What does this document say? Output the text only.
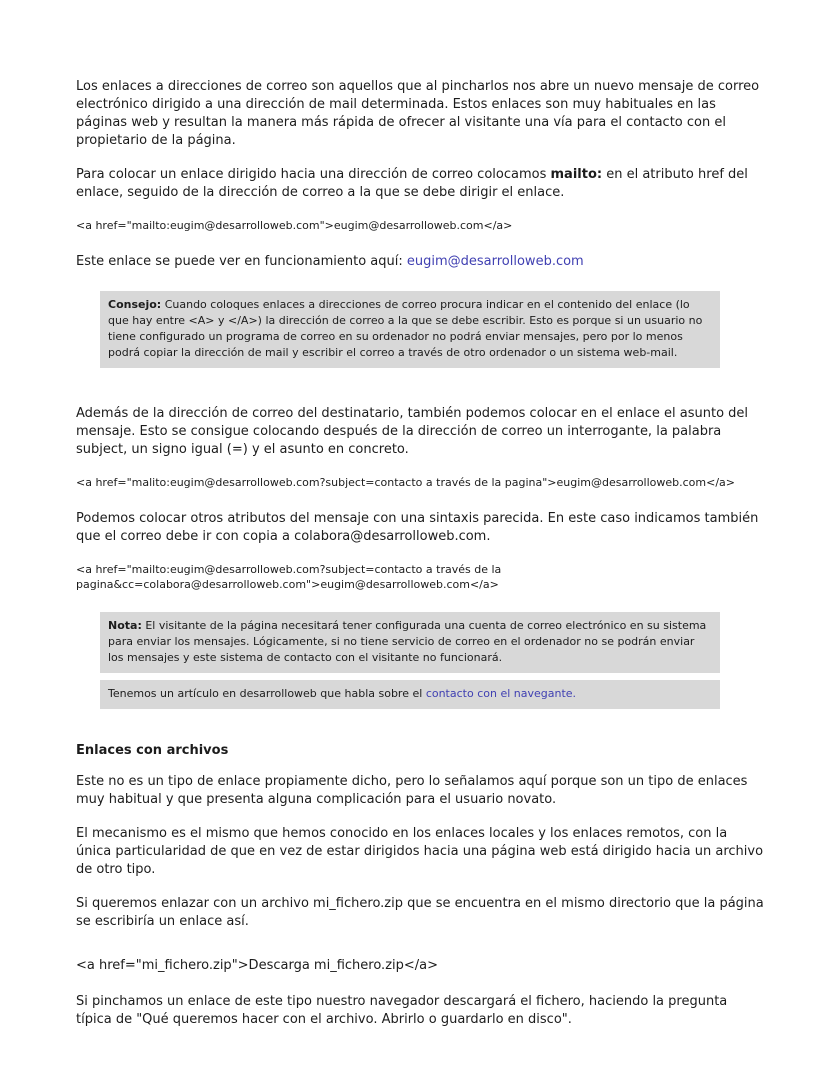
Los enlaces a direcciones de correo son aquellos que al pincharlos nos abre un nuevo mensaje de correo electrónico dirigido a una dirección de mail determinada. Estos enlaces son muy habituales en las páginas web y resultan la manera más rápida de ofrecer al visitante una vía para el contacto con el propietario de la página.

Para colocar un enlace dirigido hacia una dirección de correo colocamos mailto: en el atributo href del enlace, seguido de la dirección de correo a la que se debe dirigir el enlace.

<a href="mailto:eugim@desarrolloweb.com">eugim@desarrolloweb.com</a>

Este enlace se puede ver en funcionamiento aquí: eugim@desarrolloweb.com

Consejo: Cuando coloques enlaces a direcciones de correo procura indicar en el contenido del enlace (lo que hay entre <A> y </A>) la dirección de correo a la que se debe escribir. Esto es porque si un usuario no tiene configurado un programa de correo en su ordenador no podrá enviar mensajes, pero por lo menos podrá copiar la dirección de mail y escribir el correo a través de otro ordenador o un sistema web-mail.

Además de la dirección de correo del destinatario, también podemos colocar en el enlace el asunto del mensaje. Esto se consigue colocando después de la dirección de correo un interrogante, la palabra subject, un signo igual (=) y el asunto en concreto.

<a href="malito:eugim@desarrolloweb.com?subject=contacto a través de la pagina">eugim@desarrolloweb.com</a>

Podemos colocar otros atributos del mensaje con una sintaxis parecida. En este caso indicamos también que el correo debe ir con copia a colabora@desarrolloweb.com.

<a href="mailto:eugim@desarrolloweb.com?subject=contacto a través de la pagina&cc=colabora@desarrolloweb.com">eugim@desarrolloweb.com</a>

Nota: El visitante de la página necesitará tener configurada una cuenta de correo electrónico en su sistema para enviar los mensajes. Lógicamente, si no tiene servicio de correo en el ordenador no se podrán enviar los mensajes y este sistema de contacto con el visitante no funcionará.
Tenemos un artículo en desarrolloweb que habla sobre el contacto con el navegante.
Enlaces con archivos

Este no es un tipo de enlace propiamente dicho, pero lo señalamos aquí porque son un tipo de enlaces muy habitual y que presenta alguna complicación para el usuario novato.

El mecanismo es el mismo que hemos conocido en los enlaces locales y los enlaces remotos, con la única particularidad de que en vez de estar dirigidos hacia una página web está dirigido hacia un archivo de otro tipo.

Si queremos enlazar con un archivo mi_fichero.zip que se encuentra en el mismo directorio que la página se escribiría un enlace así.

<a href="mi_fichero.zip">Descarga mi_fichero.zip</a>

Si pinchamos un enlace de este tipo nuestro navegador descargará el fichero, haciendo la pregunta típica de "Qué queremos hacer con el archivo. Abrirlo o guardarlo en disco".
